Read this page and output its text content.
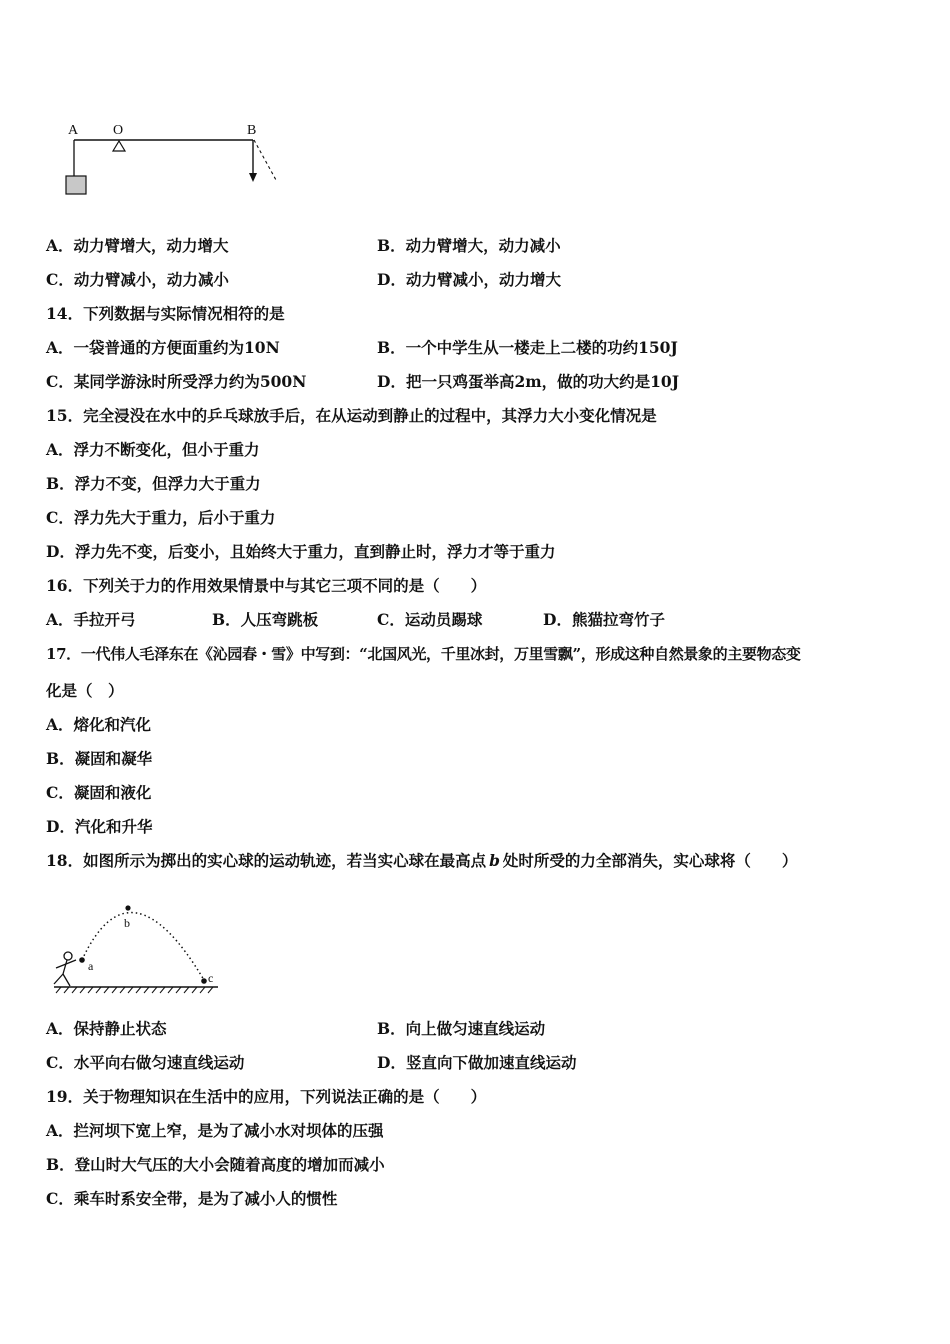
A O	B
A．动力臂增大，动力增大	B．动力臂增大，动力减小
C．动力臂减小，动力减小	D．动力臂减小，动力增大
14．下列数据与实际情况相符的是
A．一袋普通的方便面重约为10N	B．一个中学生从一楼走上二楼的功约150J
C．某同学游泳时所受浮力约为500N	D．把一只鸡蛋举高2m，做的功大约是10J
15．完全浸没在水中的乒乓球放手后，在从运动到静止的过程中，其浮力大小变化情况是
A．浮力不断变化，但小于重力
B．浮力不变，但浮力大于重力
C．浮力先大于重力，后小于重力
D．浮力先不变，后变小，且始终大于重力，直到静止时，浮力才等于重力
16．下列关于力的作用效果情景中与其它三项不同的是（　　）
A．手拉开弓	B．人压弯跳板	C．运动员踢球	D．熊猫拉弯竹子
17．一代伟人毛泽东在《沁园春・雪》中写到：“北国风光，千里冰封，万里雪飘”，形成这种自然景象的主要物态变
化是（　）
A．熔化和汽化
B．凝固和凝华
C．凝固和液化
D．汽化和升华
18．如图所示为掷出的实心球的运动轨迹，若当实心球在最高点 b 处时所受的力全部消失，实心球将（　　）
a
b
c
A．保持静止状态	B．向上做匀速直线运动
C．水平向右做匀速直线运动	D．竖直向下做加速直线运动
19．关于物理知识在生活中的应用，下列说法正确的是（　　）
A．拦河坝下宽上窄，是为了减小水对坝体的压强
B．登山时大气压的大小会随着高度的增加而减小
C．乘车时系安全带，是为了减小人的惯性
